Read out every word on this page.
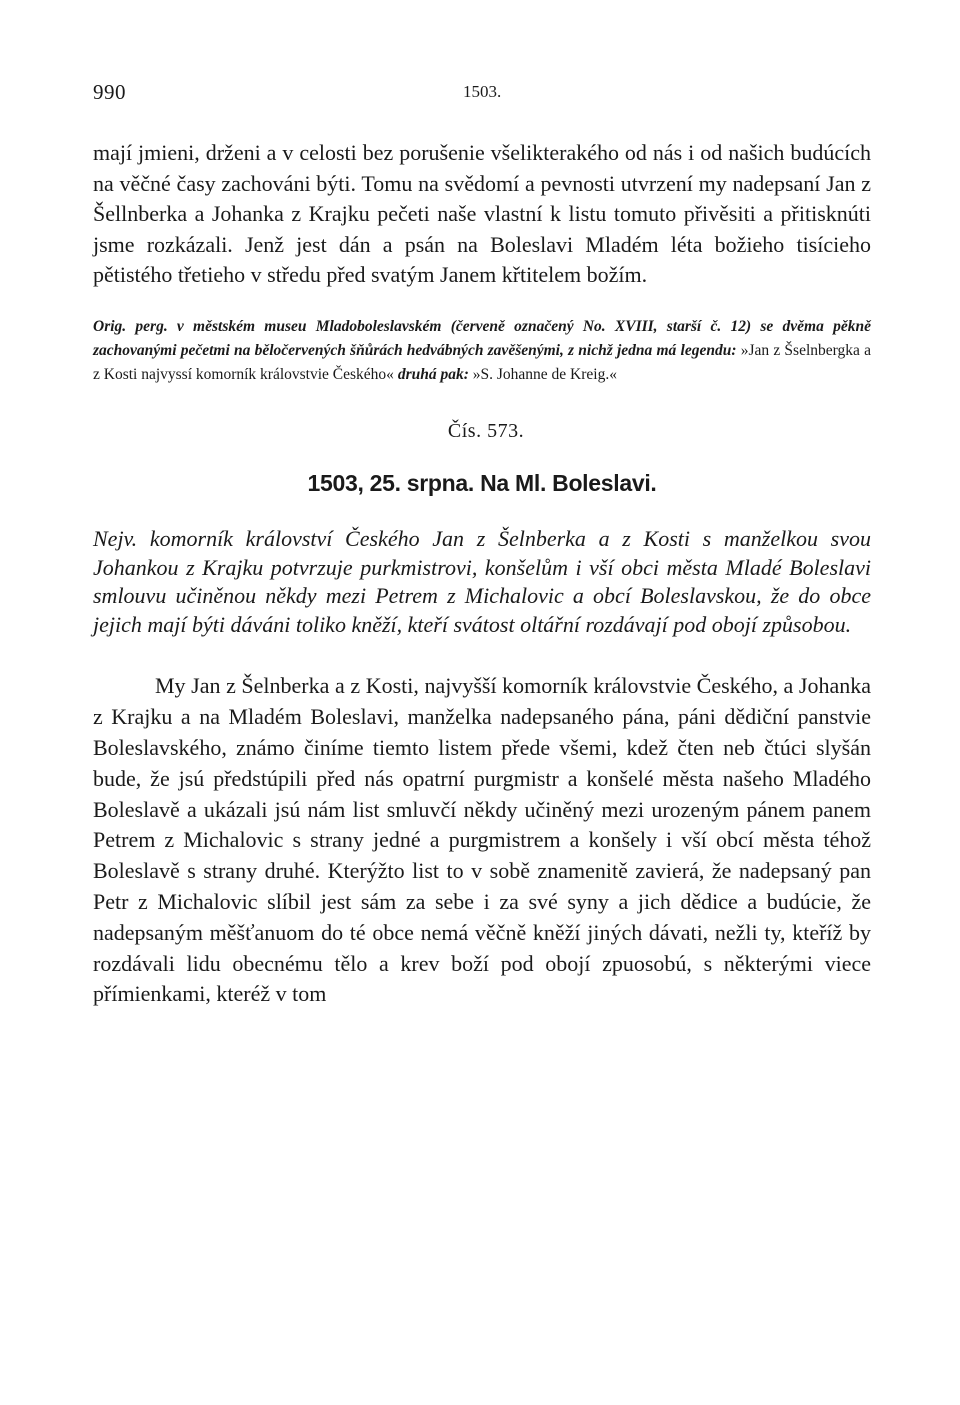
990	1503.

mají jmieni, drženi a v celosti bez porušenie všelikterakého od nás i od našich budúcích na věčné časy zachováni býti. Tomu na svědomí a pevnosti utvrzení my nadepsaní Jan z Šellnberka a Johanka z Krajku pečeti naše vlastní k listu tomuto přivěsiti a přitisknúti jsme rozkázali. Jenž jest dán a psán na Boleslavi Mladém léta božieho tisícieho pětistého třetieho v středu před svatým Janem křtitelem božím.

Orig. perg. v městském museu Mladoboleslavském (červeně označený No. XVIII, starší č. 12) se dvěma pěkně zachovanými pečetmi na běločervených šňůrách hedvábných zavěšenými, z nichž jedna má legendu: »Jan z Šselnbergka a z Kosti najvyssí komorník královstvie Českého« druhá pak: »S. Johanne de Kreig.«

Čís. 573.
1503, 25. srpna. Na Ml. Boleslavi.

Nejv. komorník království Českého Jan z Šelnberka a z Kosti s manželkou svou Johankou z Krajku potvrzuje purkmistrovi, konšelům i vší obci města Mladé Boleslavi smlouvu učiněnou někdy mezi Petrem z Michalovic a obcí Boleslavskou, že do obce jejich mají býti dáváni toliko kněží, kteří svátost oltářní rozdávají pod obojí způsobou.

My Jan z Šelnberka a z Kosti, najvyšší komorník královstvie Českého, a Johanka z Krajku a na Mladém Boleslavi, manželka nadepsaného pána, páni dědiční panstvie Boleslavského, známo činíme tiemto listem přede všemi, kdež čten neb čtúci slyšán bude, že jsú předstúpili před nás opatrní purgmistr a konšelé města našeho Mladého Boleslavě a ukázali jsú nám list smluvčí někdy učiněný mezi urozeným pánem panem Petrem z Michalovic s strany jedné a purgmistrem a konšely i vší obcí města téhož Boleslavě s strany druhé. Kterýžto list to v sobě znamenitě zavierá, že nadepsaný pan Petr z Michalovic slíbil jest sám za sebe i za své syny a jich dědice a budúcie, že nadepsaným měšťanuom do té obce nemá věčně kněží jiných dávati, nežli ty, kteříž by rozdávali lidu obecnému tělo a krev boží pod obojí zpuosobú, s některými viece přímienkami, kteréž v tom
